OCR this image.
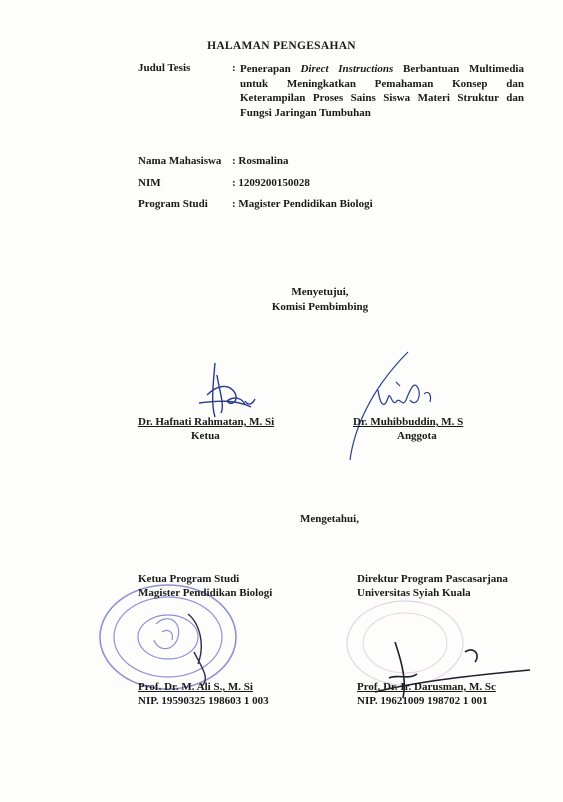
HALAMAN PENGESAHAN
Judul Tesis	: Penerapan Direct Instructions Berbantuan Multimedia untuk Meningkatkan Pemahaman Konsep dan Keterampilan Proses Sains Siswa Materi Struktur dan Fungsi Jaringan Tumbuhan
Nama Mahasiswa : Rosmalina
NIM	: 1209200150028
Program Studi : Magister Pendidikan Biologi
Menyetujui,
Komisi Pembimbing
Dr. Hafnati Rahmatan, M. Si
Ketua
Dr. Muhibbuddin, M. S
Anggota
Mengetahui,
Ketua Program Studi
Magister Pendidikan Biologi
Prof. Dr. M. Ali S., M. Si
NIP. 19590325 198603 1 003
Direktur Program Pascasarjana
Universitas Syiah Kuala
Prof. Dr. Ir. Darusman, M. Sc
NIP. 19621009 198702 1 001
